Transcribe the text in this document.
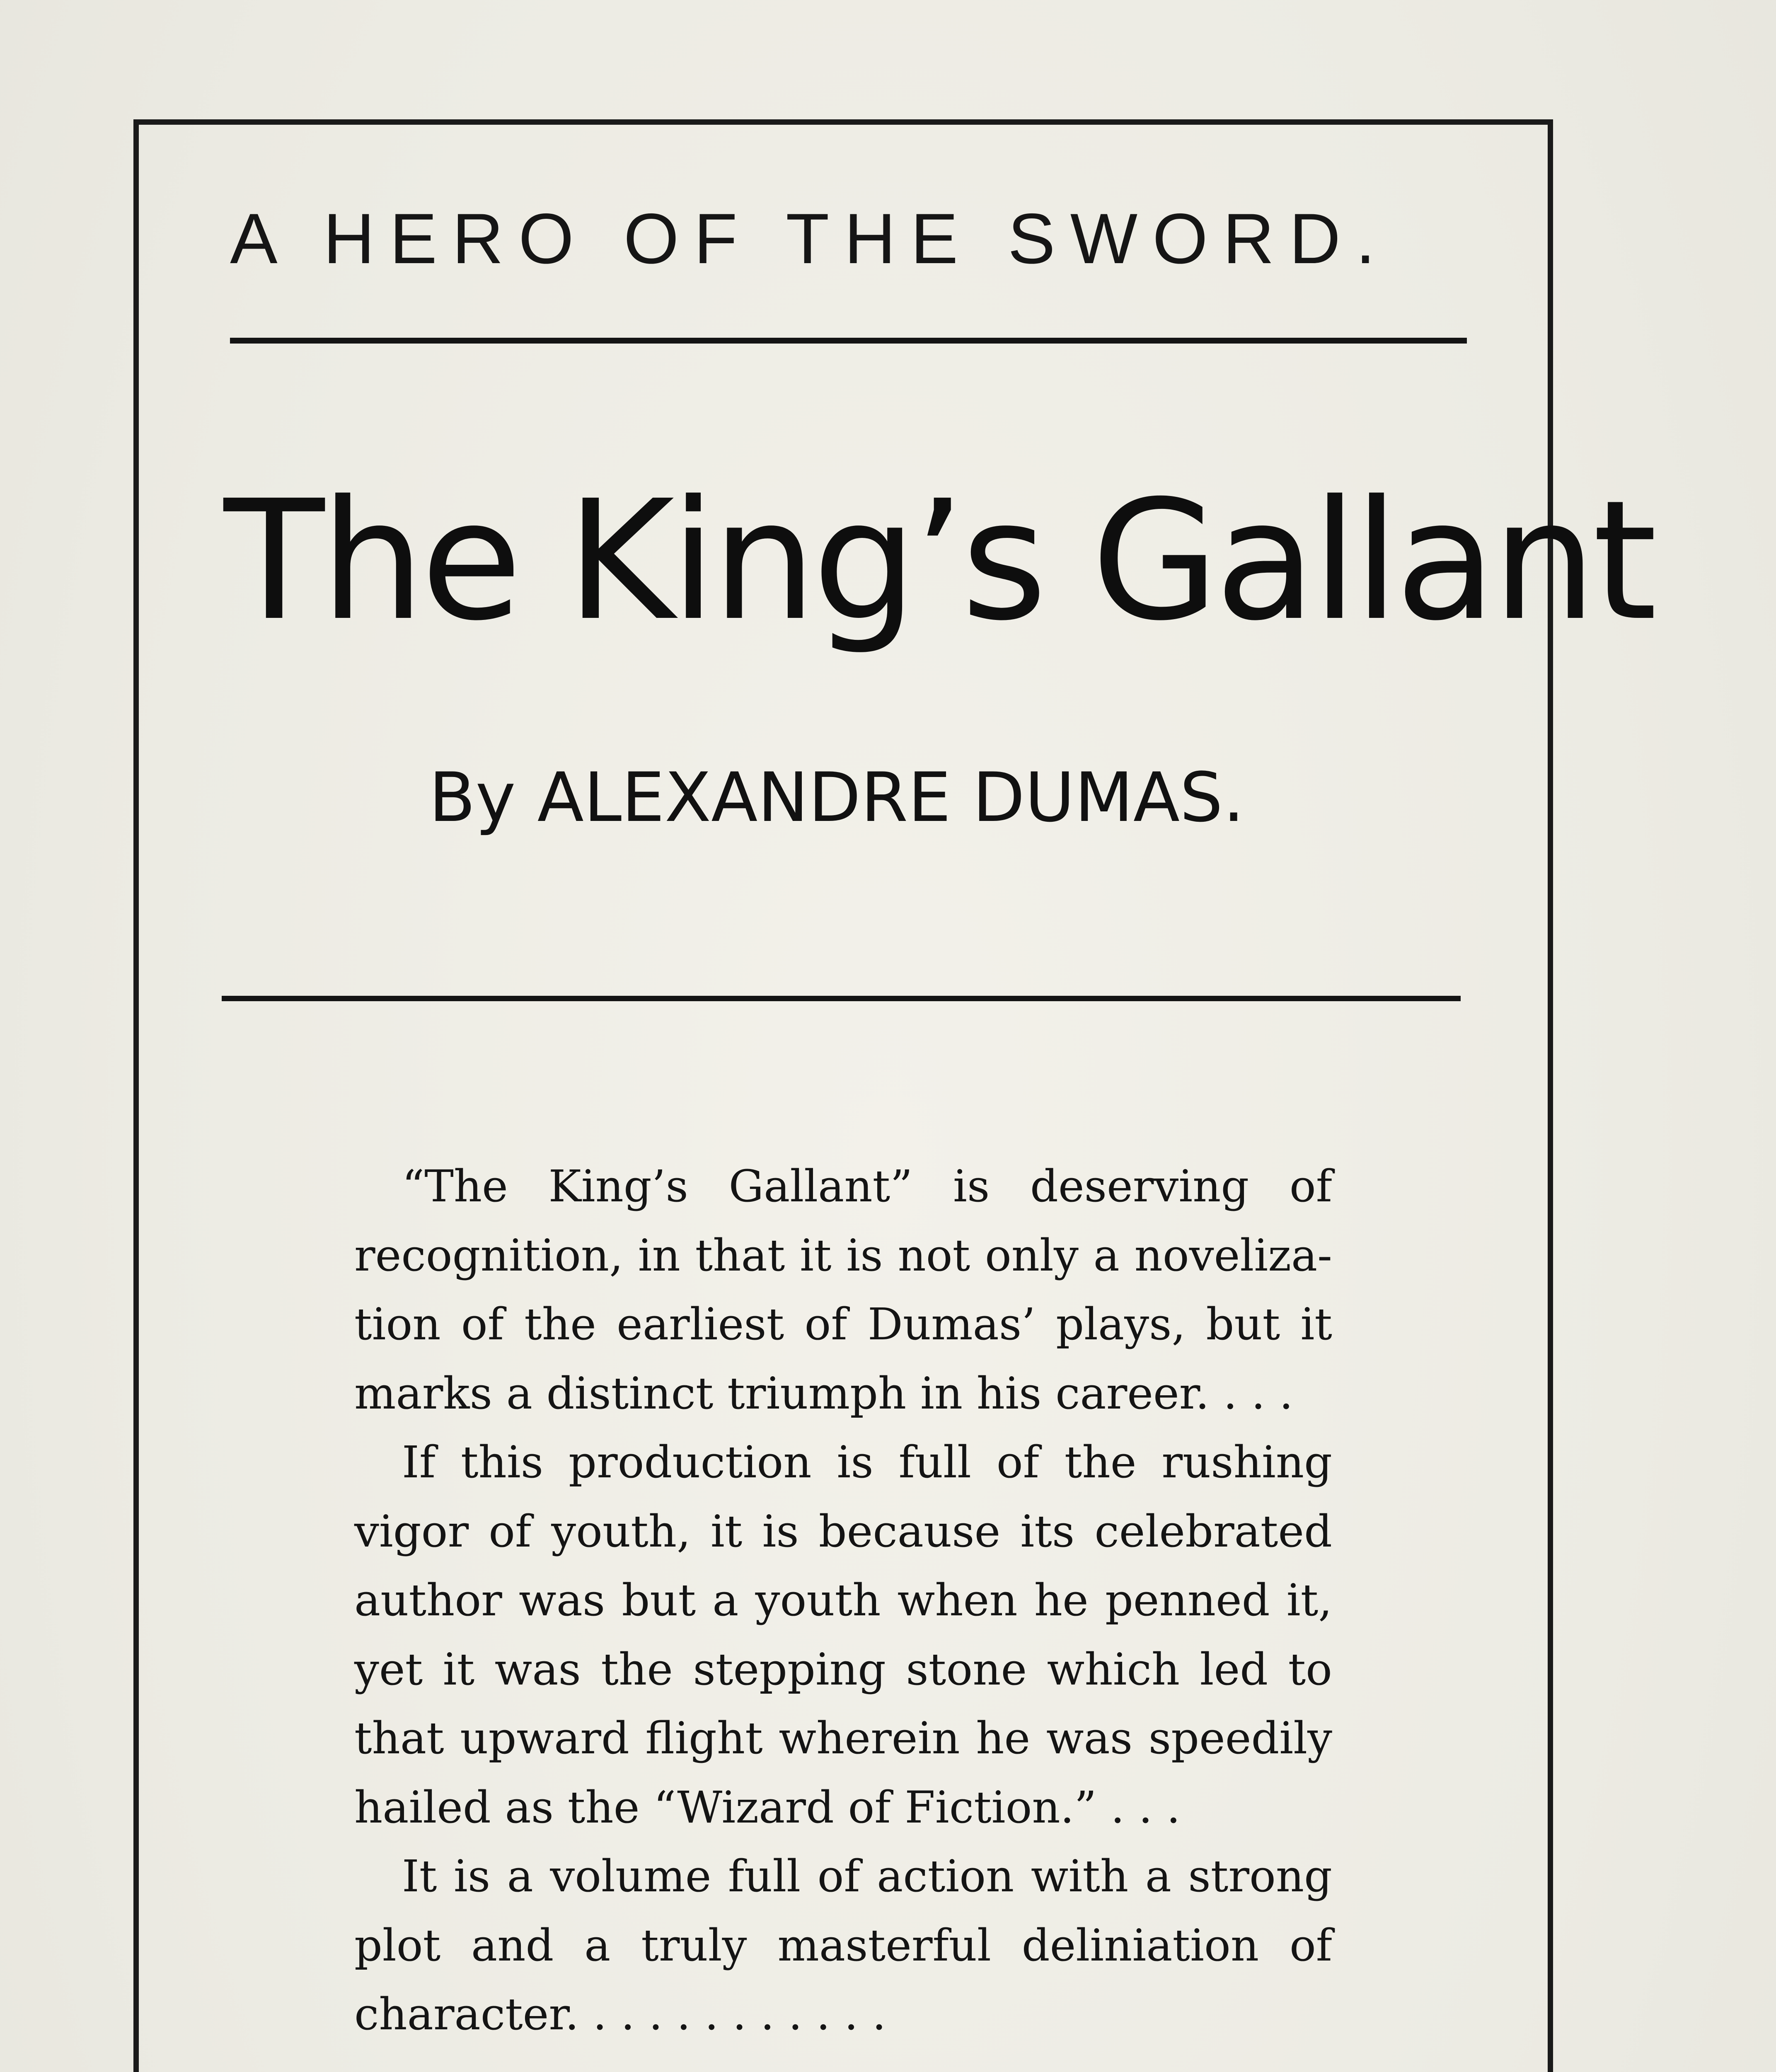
A HERO OF THE SWORD.
The King’s Gallant
By ALEXANDRE DUMAS.

“The King’s Gallant” is deserving of recognition, in that it is not only a noveliza- tion of the earliest of Dumas’ plays, but it marks a distinct triumph in his career. . . .

If this production is full of the rushing vigor of youth, it is because its celebrated author was but a youth when he penned it, yet it was the stepping stone which led to that upward flight wherein he was speedily hailed as the “Wizard of Fiction.” . . .

It is a volume full of action with a strong plot and a truly masterful deliniation of character. . . . . . . . . . . .
